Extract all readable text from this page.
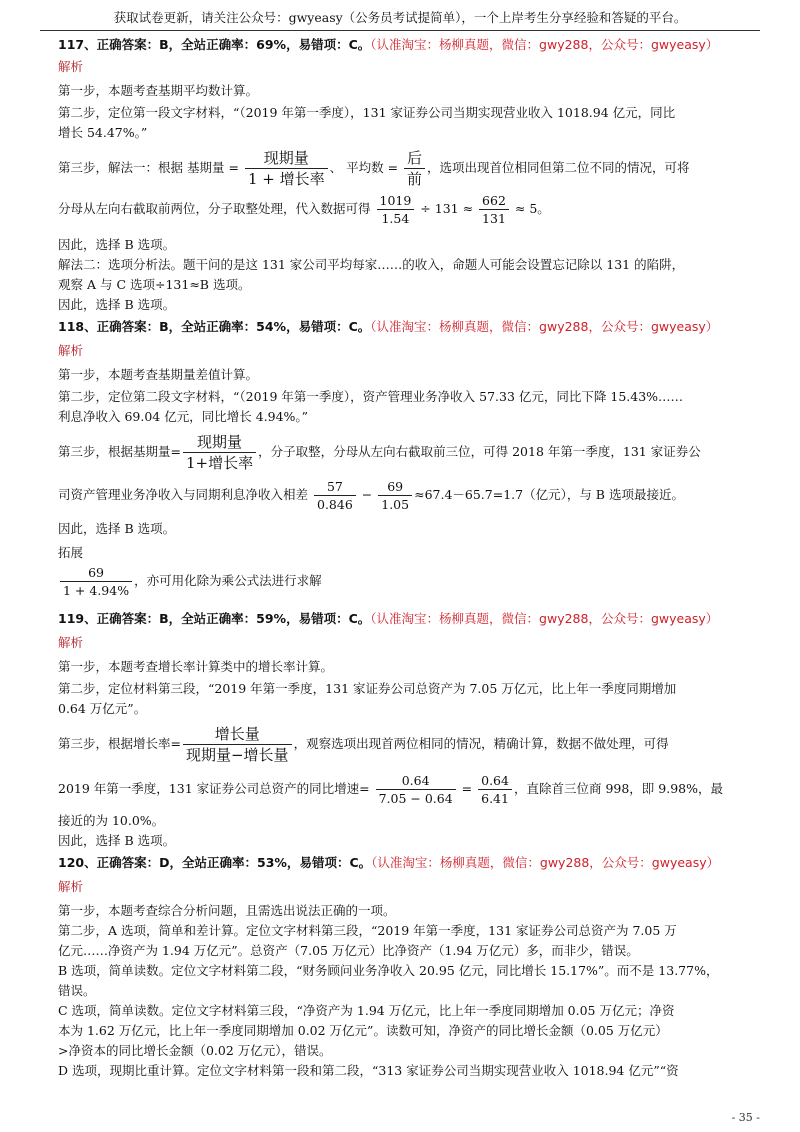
获取试卷更新，请关注公众号：gwyeasy（公务员考试提简单），一个上岸考生分享经验和答疑的平台。
117、正确答案：B，全站正确率：69%，易错项：C。（认准淘宝：杨柳真题，微信：gwy288，公众号：gwyeasy）
解析
第一步，本题考查基期平均数计算。
第二步，定位第一段文字材料，“（2019 年第一季度），131 家证券公司当期实现营业收入 1018.94 亿元，同比
增长 54.47%。”
第三步，解法一：根据 基期量 = $\frac{\text{现期量}}{\text{1 + 增长率}}$ 、 平均数 = $\frac{\text{后}}{\text{前}}$ ，选项出现首位相同但第二位不同的情况，可将
分母从左向右截取前两位，分子取整处理，代入数据可得 $\frac{1019}{1.54} \div 131 \approx \frac{662}{131} \approx 5$。
因此，选择 B 选项。
解法二：选项分析法。题干问的是这 131 家公司平均每家……的收入，命题人可能会设置忘记除以 131 的陷阱，
观察 A 与 C 选项÷131≈B 选项。
因此，选择 B 选项。
118、正确答案：B，全站正确率：54%，易错项：C。（认准淘宝：杨柳真题，微信：gwy288，公众号：gwyeasy）
解析
第一步，本题考查基期量差值计算。
第二步，定位第二段文字材料，“（2019 年第一季度），资产管理业务净收入 57.33 亿元，同比下降 15.43%……
利息净收入 69.04 亿元，同比增长 4.94%。”
第三步，根据基期量= $\frac{\text{现期量}}{\text{1+增长率}}$ ，分子取整，分母从左向右截取前三位，可得 2018 年第一季度，131 家证券公
司资产管理业务净收入与同期利息净收入相差 $\frac{57}{0.846} - \frac{69}{1.05} \approx 67.4-65.7=1.7$（亿元），与 B 选项最接近。
因此，选择 B 选项。
拓展
$\frac{69}{1 + 4.94\%}$ ，亦可用化除为乘公式法进行求解
119、正确答案：B，全站正确率：59%，易错项：C。（认准淘宝：杨柳真题，微信：gwy288，公众号：gwyeasy）
解析
第一步，本题考查增长率计算类中的增长率计算。
第二步，定位材料第三段，“2019 年第一季度，131 家证券公司总资产为 7.05 万亿元，比上年一季度同期增加
0.64 万亿元”。
第三步，根据增长率= $\frac{\text{增长量}}{\text{现期量−增长量}}$ ，观察选项出现首两位相同的情况，精确计算，数据不做处理，可得
2019 年第一季度，131 家证券公司总资产的同比增速= $\frac{0.64}{7.05 - 0.64} = \frac{0.64}{6.41}$ ，直除首三位商 998，即 9.98%，最
接近的为 10.0%。
因此，选择 B 选项。
120、正确答案：D，全站正确率：53%，易错项：C。（认准淘宝：杨柳真题，微信：gwy288，公众号：gwyeasy）
解析
第一步，本题考查综合分析问题，且需选出说法正确的一项。
第二步，A 选项，简单和差计算。定位文字材料第三段，“2019 年第一季度，131 家证券公司总资产为 7.05 万
亿元……净资产为 1.94 万亿元”。总资产（7.05 万亿元）比净资产（1.94 万亿元）多，而非少，错误。
B 选项，简单读数。定位文字材料第二段，“财务顾问业务净收入 20.95 亿元，同比增长 15.17%”。而不是 13.77%，
错误。
C 选项，简单读数。定位文字材料第三段，“净资产为 1.94 万亿元，比上年一季度同期增加 0.05 万亿元；净资
本为 1.62 万亿元，比上年一季度同期增加 0.02 万亿元”。读数可知，净资产的同比增长金额（0.05 万亿元）
>净资本的同比增长金额（0.02 万亿元），错误。
D 选项，现期比重计算。定位文字材料第一段和第二段，“313 家证券公司当期实现营业收入 1018.94 亿元”“资
- 35 -
